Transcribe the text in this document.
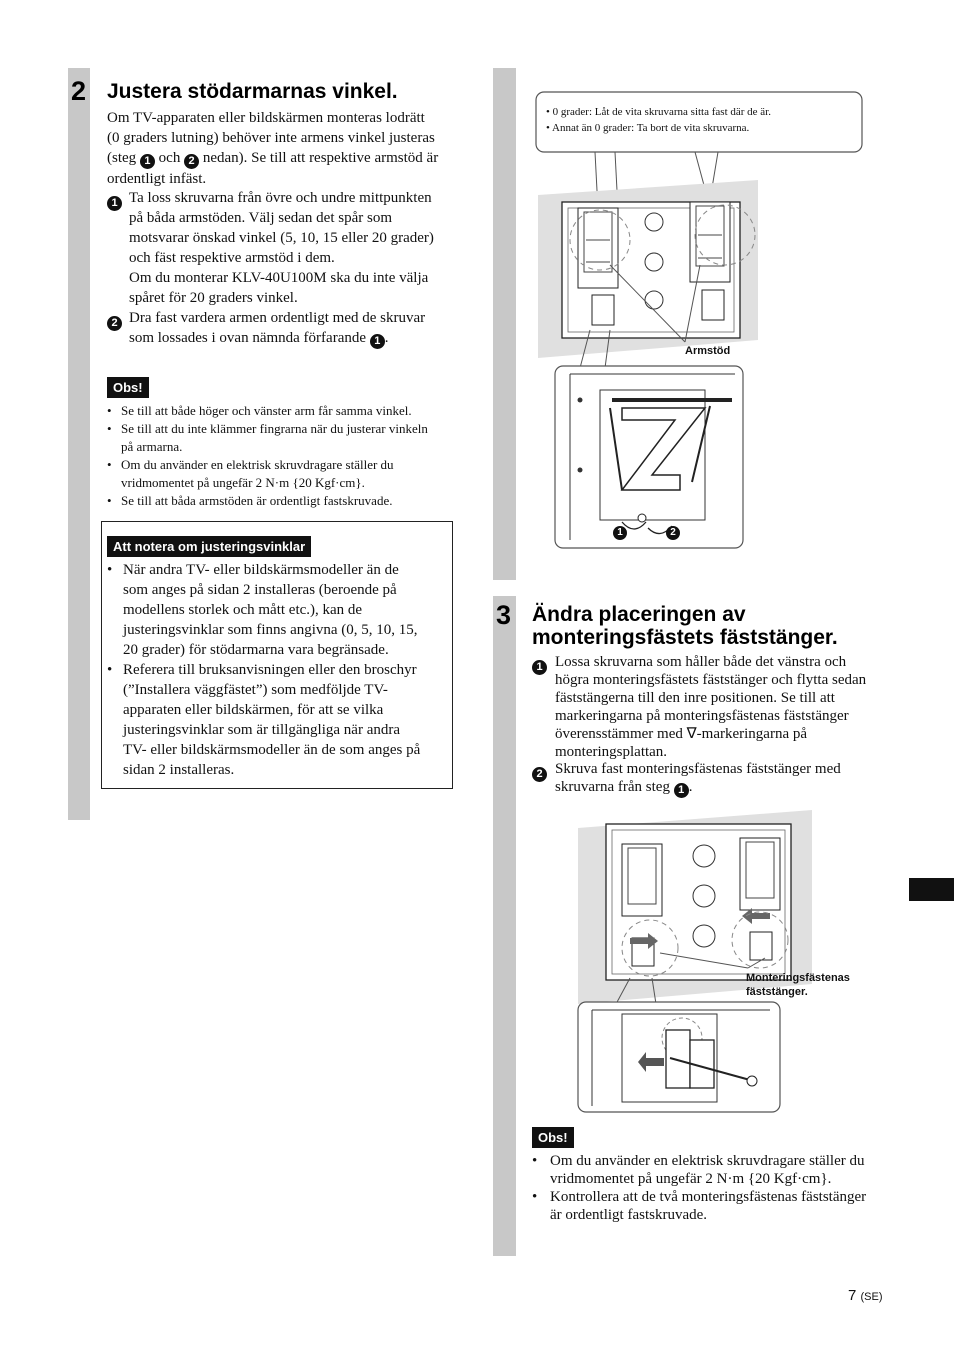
2 Justera stödarmarnas vinkel.
Om TV-apparaten eller bildskärmen monteras lodrätt
(0 graders lutning) behöver inte armens vinkel justeras
(steg 1 och 2 nedan). Se till att respektive armstöd är
ordentligt infäst.
1 Ta loss skruvarna från övre och undre mittpunkten
på båda armstöden. Välj sedan det spår som
motsvarar önskad vinkel (5, 10, 15 eller 20 grader)
och fäst respektive armstöd i dem.
Om du monterar KLV-40U100M ska du inte välja
spåret för 20 graders vinkel.
2 Dra fast vardera armen ordentligt med de skruvar
som lossades i ovan nämnda förfarande 1 .
Obs!
• Se till att både höger och vänster arm får samma vinkel.
• Se till att du inte klämmer fingrarna när du justerar vinkeln
på armarna.
• Om du använder en elektrisk skruvdragare ställer du
vridmomentet på ungefär 2 N·m {20 Kgf·cm}.
• Se till att båda armstöden är ordentligt fastskruvade.
Att notera om justeringsvinklar
• När andra TV- eller bildskärmsmodeller än de
som anges på sidan 2 installeras (beroende på
modellens storlek och mått etc.), kan de
justeringsvinklar som finns angivna (0, 5, 10, 15,
20 grader) för stödarmarna vara begränsade.
• Referera till bruksanvisningen eller den broschyr
(”Installera väggfästet”) som medföljde TV-
apparaten eller bildskärmen, för att se vilka
justeringsvinklar som är tillgängliga när andra
TV- eller bildskärmsmodeller än de som anges på
sidan 2 installeras.
• 0 grader: Låt de vita skruvarna sitta fast där de är.
• Annat än 0 grader: Ta bort de vita skruvarna.
Armstöd
1	2
3 Ändra placeringen av
monteringsfästets fäststänger.
1 Lossa skruvarna som håller både det vänstra och
högra monteringsfästets fäststänger och flytta sedan
fäststängerna till den inre positionen. Se till att
markeringarna på monteringsfästenas fäststänger
överensstämmer med ∇-markeringarna på
monteringsplattan.
2 Skruva fast monteringsfästenas fäststänger med
skruvarna från steg 1 .
Monteringsfästenas
fäststänger.
Obs!
• Om du använder en elektrisk skruvdragare ställer du
vridmomentet på ungefär 2 N·m {20 Kgf·cm}.
• Kontrollera att de två monteringsfästenas fäststänger
är ordentligt fastskruvade.
7 (SE)
